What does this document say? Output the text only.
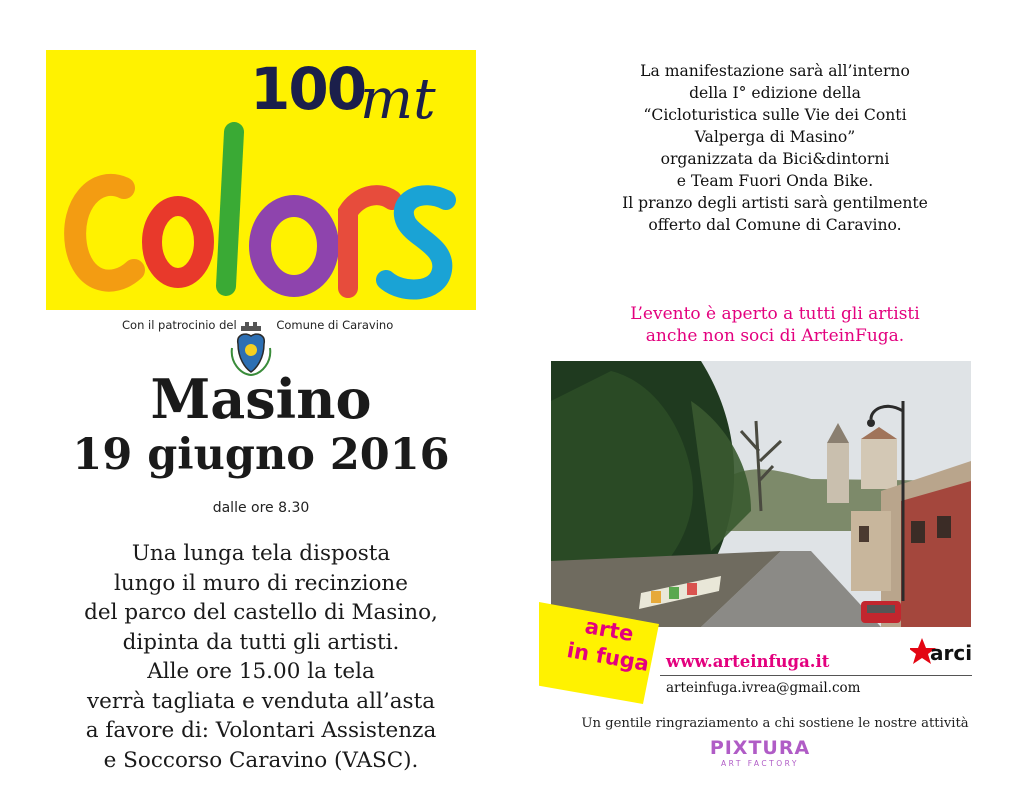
100
mt
Con il patrocinio del	Comune di Caravino
Masino
19 giugno 2016
dalle ore 8.30
Una lunga tela disposta
lungo il muro di recinzione
del parco del castello di Masino,
dipinta da tutti gli artisti.
Alle ore 15.00 la tela
verrà tagliata e venduta all’asta
a favore di: Volontari Assistenza
e Soccorso Caravino (VASC).
La manifestazione sarà all’interno
della I° edizione della
“Cicloturistica sulle Vie dei Conti
Valperga di Masino”
organizzata da Bici&dintorni
e Team Fuori Onda Bike.
Il pranzo degli artisti sarà gentilmente
offerto dal Comune di Caravino.
L’evento è aperto a tutti gli artisti
anche non soci di ArteinFuga.
arte
in fuga www.arteinfuga.it
arteinfuga.ivrea@gmail.com
arci
Un gentile ringraziamento a chi sostiene le nostre attività
PIXTURA
ART FACTORY
